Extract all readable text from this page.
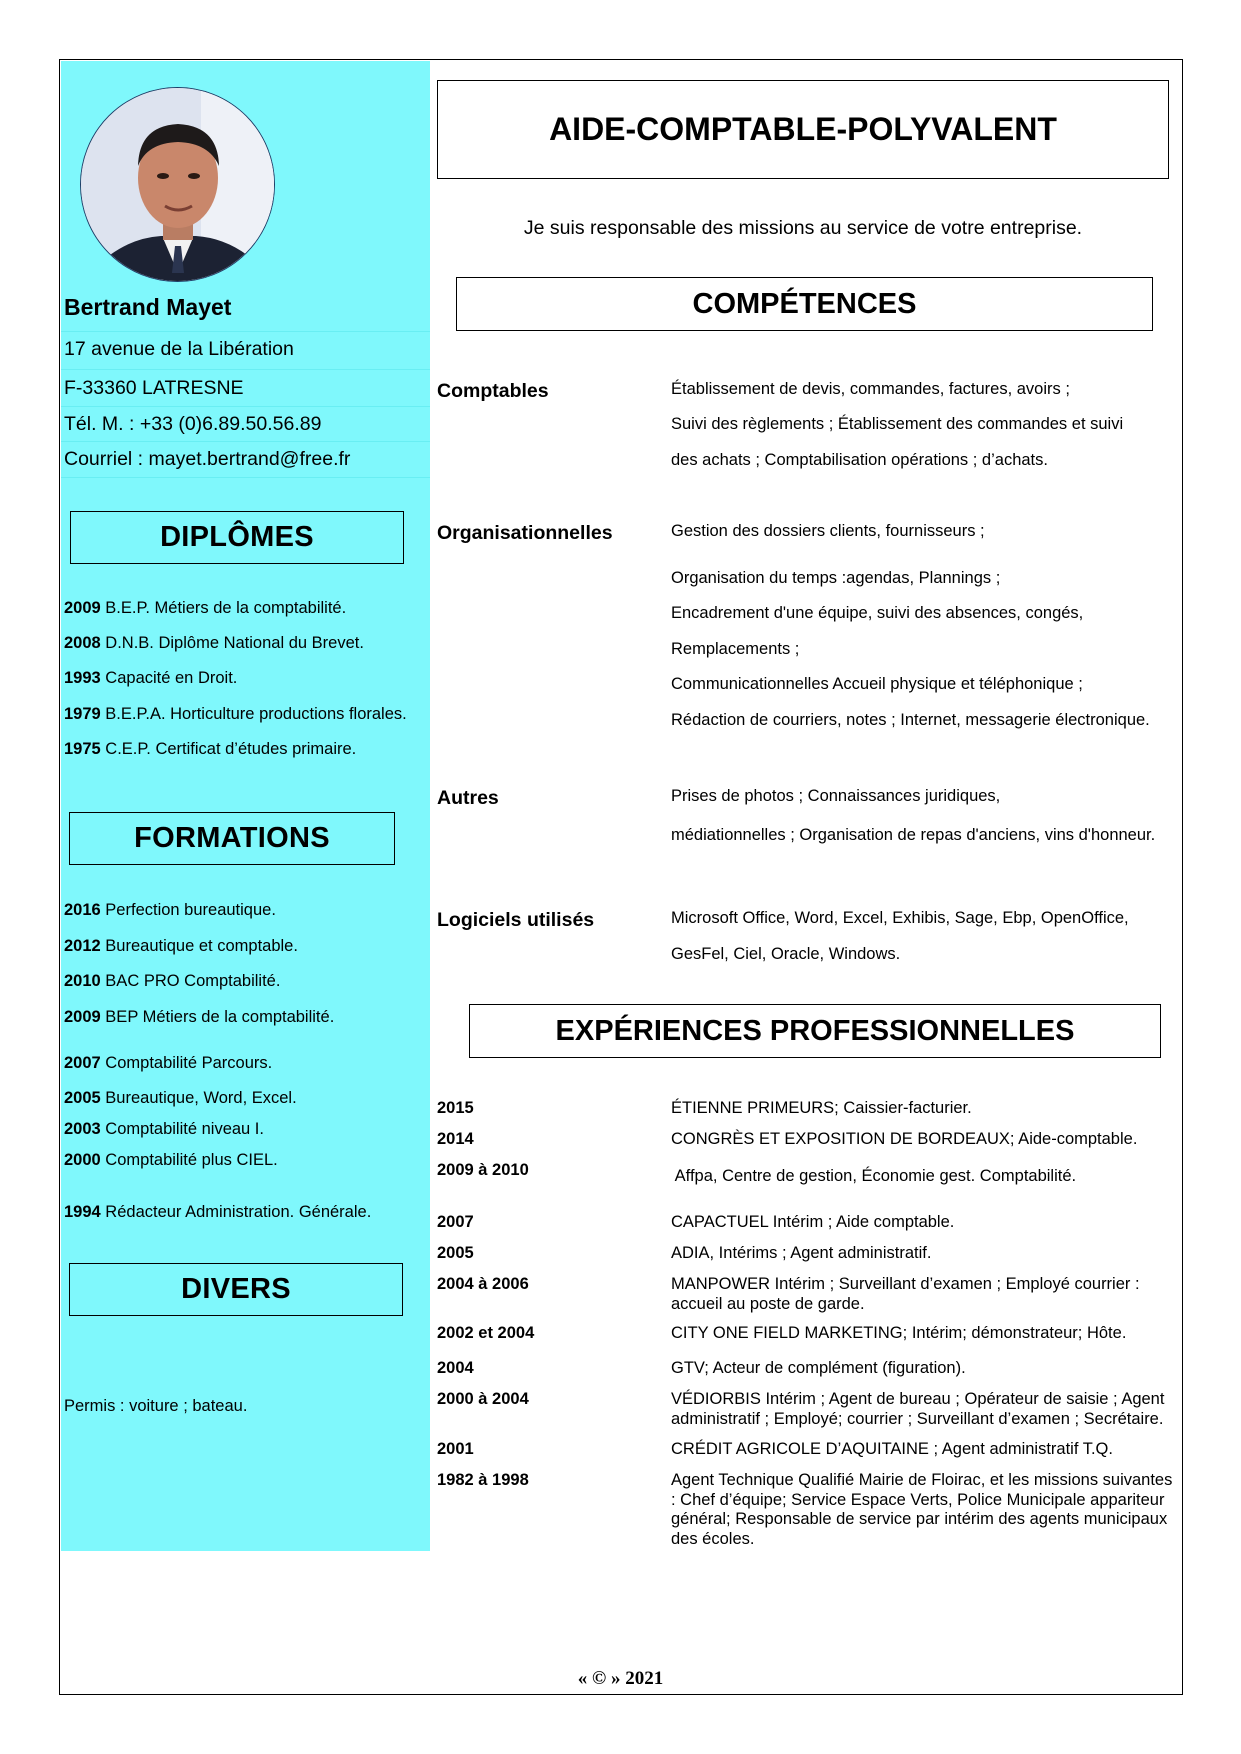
Bertrand Mayet
17 avenue de la Libération
F-33360 LATRESNE
Tél. M. : +33 (0)6.89.50.56.89
Courriel : mayet.bertrand@free.fr
DIPLÔMES
2009 B.E.P. Métiers de la comptabilité.
2008 D.N.B. Diplôme National du Brevet.
1993 Capacité en Droit.
1979 B.E.P.A. Horticulture productions florales.
1975 C.E.P. Certificat d’études primaire.
FORMATIONS
2016 Perfection bureautique.
2012 Bureautique et comptable.
2010 BAC PRO Comptabilité.
2009 BEP Métiers de la comptabilité.
2007 Comptabilité Parcours.
2005 Bureautique, Word, Excel.
2003 Comptabilité niveau I.
2000 Comptabilité plus CIEL.
1994 Rédacteur Administration. Générale.
DIVERS
Permis : voiture ; bateau.
AIDE-COMPTABLE-POLYVALENT
Je suis responsable des missions au service de votre entreprise.
COMPÉTENCES
Comptables	Établissement de devis, commandes, factures, avoirs ;
Suivi des règlements ; Établissement des commandes et suivi
des achats ; Comptabilisation opérations ; d’achats.
Organisationnelles	Gestion des dossiers clients, fournisseurs ;
Organisation du temps :agendas, Plannings ;
Encadrement d'une équipe, suivi des absences, congés,
Remplacements ;
Communicationnelles Accueil physique et téléphonique ;
Rédaction de courriers, notes ; Internet, messagerie électronique.
Autres	Prises de photos ; Connaissances juridiques,
médiationnelles ; Organisation de repas d'anciens, vins d'honneur.
Logiciels utilisés	Microsoft Office, Word, Excel, Exhibis, Sage, Ebp, OpenOffice,
GesFel, Ciel, Oracle, Windows.
EXPÉRIENCES PROFESSIONNELLES
2015	ÉTIENNE PRIMEURS; Caissier-facturier.
2014	CONGRÈS ET EXPOSITION DE BORDEAUX; Aide-comptable.
2009 à 2010	Affpa, Centre de gestion, Économie gest. Comptabilité.
2007	CAPACTUEL Intérim ; Aide comptable.
2005	ADIA, Intérims ; Agent administratif.
2004 à 2006	MANPOWER Intérim ; Surveillant d’examen ; Employé courrier : accueil au poste de garde.
2002 et 2004	CITY ONE FIELD MARKETING; Intérim; démonstrateur; Hôte.
2004	GTV; Acteur de complément (figuration).
2000 à 2004	VÉDIORBIS Intérim ; Agent de bureau ; Opérateur de saisie ; Agent administratif ; Employé; courrier ; Surveillant d’examen ; Secrétaire.
2001	CRÉDIT AGRICOLE D’AQUITAINE ; Agent administratif T.Q.
1982 à 1998	Agent Technique Qualifié Mairie de Floirac, et les missions suivantes : Chef d’équipe; Service Espace Verts, Police Municipale appariteur général; Responsable de service par intérim des agents municipaux des écoles.
« © » 2021
